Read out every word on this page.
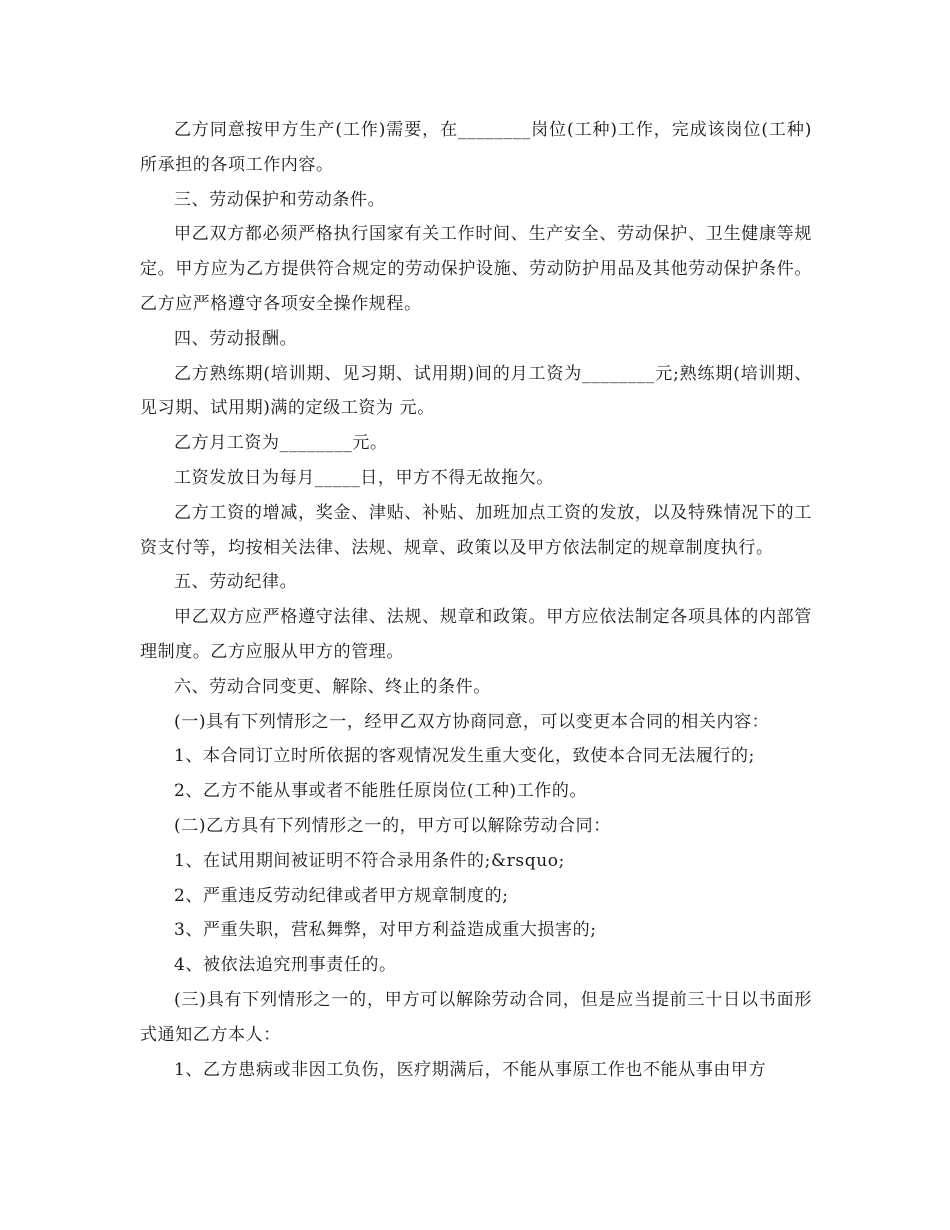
乙方同意按甲方生产(工作)需要，在________岗位(工种)工作，完成该岗位(工种)所承担的各项工作内容。

三、劳动保护和劳动条件。

甲乙双方都必须严格执行国家有关工作时间、生产安全、劳动保护、卫生健康等规定。甲方应为乙方提供符合规定的劳动保护设施、劳动防护用品及其他劳动保护条件。乙方应严格遵守各项安全操作规程。

四、劳动报酬。

乙方熟练期(培训期、见习期、试用期)间的月工资为________元;熟练期(培训期、见习期、试用期)满的定级工资为 元。

乙方月工资为________元。

工资发放日为每月_____日，甲方不得无故拖欠。

乙方工资的增减，奖金、津贴、补贴、加班加点工资的发放，以及特殊情况下的工资支付等，均按相关法律、法规、规章、政策以及甲方依法制定的规章制度执行。

五、劳动纪律。

甲乙双方应严格遵守法律、法规、规章和政策。甲方应依法制定各项具体的内部管理制度。乙方应服从甲方的管理。

六、劳动合同变更、解除、终止的条件。

(一)具有下列情形之一，经甲乙双方协商同意，可以变更本合同的相关内容：

1、本合同订立时所依据的客观情况发生重大变化，致使本合同无法履行的;

2、乙方不能从事或者不能胜任原岗位(工种)工作的。

(二)乙方具有下列情形之一的，甲方可以解除劳动合同：

1、在试用期间被证明不符合录用条件的;&rsquo;

2、严重违反劳动纪律或者甲方规章制度的;

3、严重失职，营私舞弊，对甲方利益造成重大损害的;

4、被依法追究刑事责任的。

(三)具有下列情形之一的，甲方可以解除劳动合同，但是应当提前三十日以书面形式通知乙方本人：

1、乙方患病或非因工负伤，医疗期满后，不能从事原工作也不能从事由甲方
